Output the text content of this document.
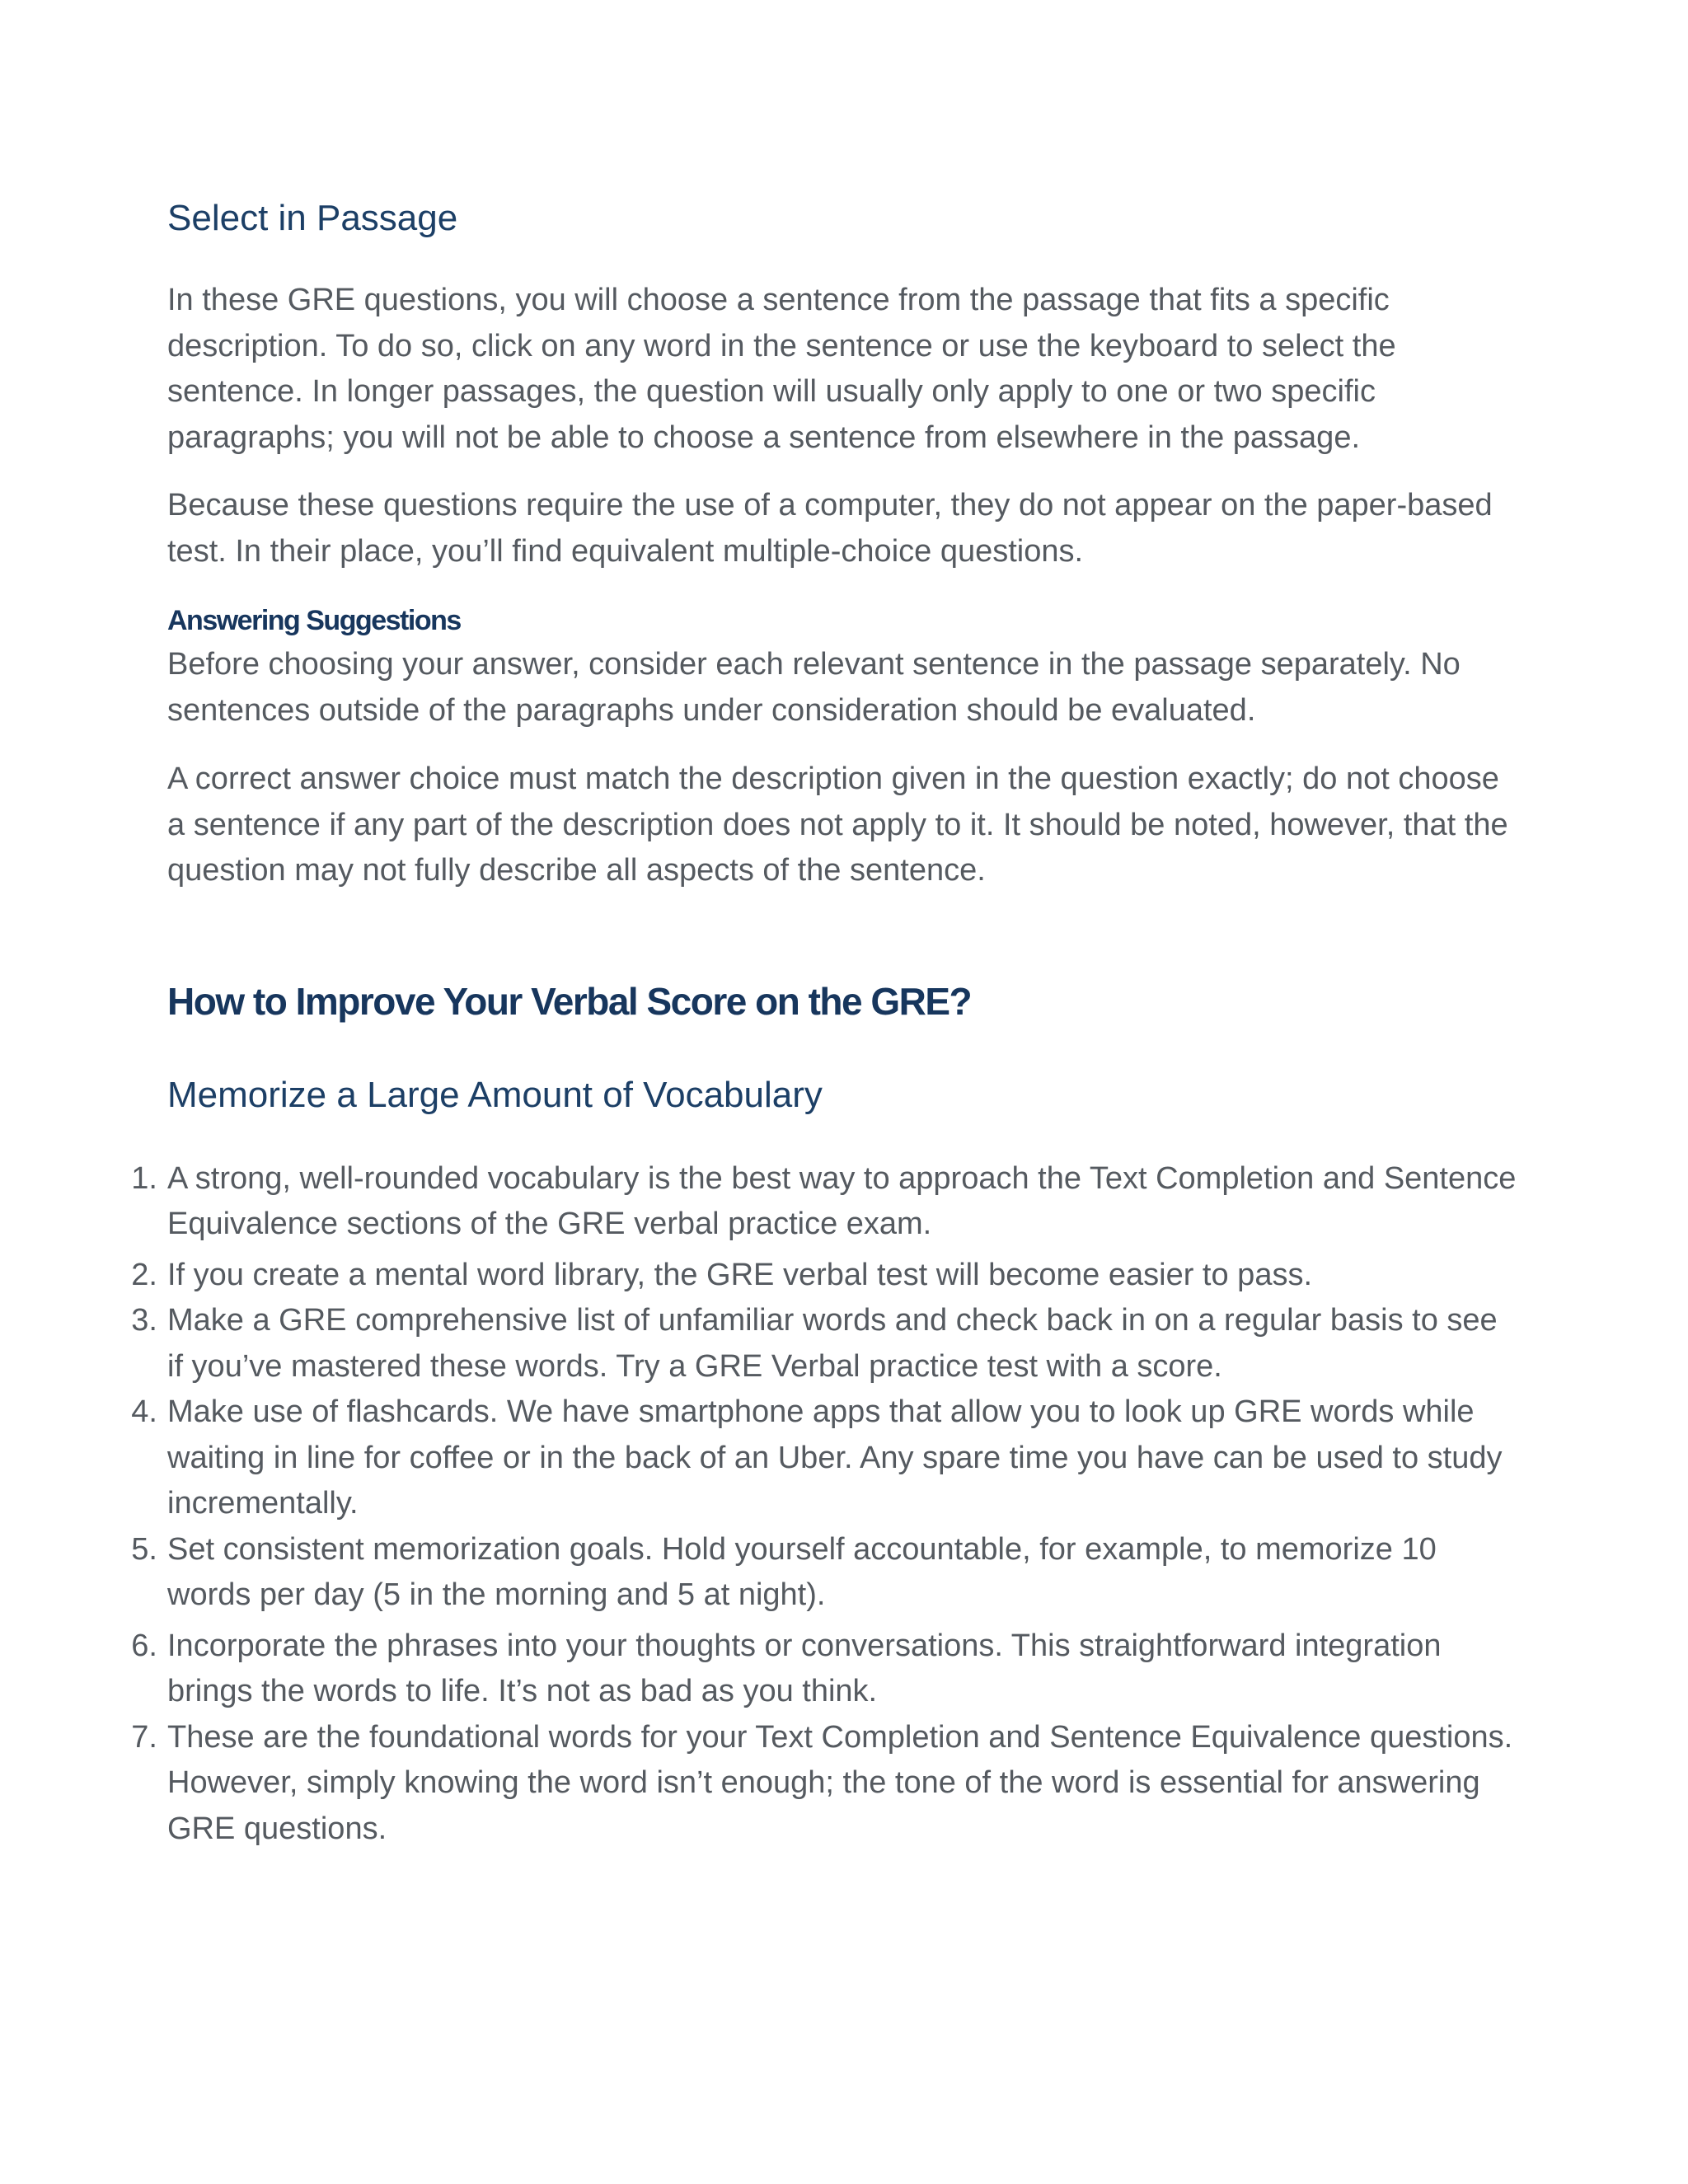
Select in Passage

In these GRE questions, you will choose a sentence from the passage that fits a specific description. To do so, click on any word in the sentence or use the keyboard to select the sentence. In longer passages, the question will usually only apply to one or two specific paragraphs; you will not be able to choose a sentence from elsewhere in the passage.

Because these questions require the use of a computer, they do not appear on the paper-based test. In their place, you’ll find equivalent multiple-choice questions.

Answering Suggestions

Before choosing your answer, consider each relevant sentence in the passage separately. No sentences outside of the paragraphs under consideration should be evaluated.

A correct answer choice must match the description given in the question exactly; do not choose a sentence if any part of the description does not apply to it. It should be noted, however, that the question may not fully describe all aspects of the sentence.

How to Improve Your Verbal Score on the GRE?
Memorize a Large Amount of Vocabulary
1. A strong, well-rounded vocabulary is the best way to approach the Text Completion and Sentence Equivalence sections of the GRE verbal practice exam.
2. If you create a mental word library, the GRE verbal test will become easier to pass.
3. Make a GRE comprehensive list of unfamiliar words and check back in on a regular basis to see if you’ve mastered these words. Try a GRE Verbal practice test with a score.
4. Make use of flashcards. We have smartphone apps that allow you to look up GRE words while waiting in line for coffee or in the back of an Uber. Any spare time you have can be used to study incrementally.
5. Set consistent memorization goals. Hold yourself accountable, for example, to memorize 10 words per day (5 in the morning and 5 at night).
6. Incorporate the phrases into your thoughts or conversations. This straightforward integration brings the words to life. It’s not as bad as you think.
7. These are the foundational words for your Text Completion and Sentence Equivalence questions. However, simply knowing the word isn’t enough; the tone of the word is essential for answering GRE questions.
